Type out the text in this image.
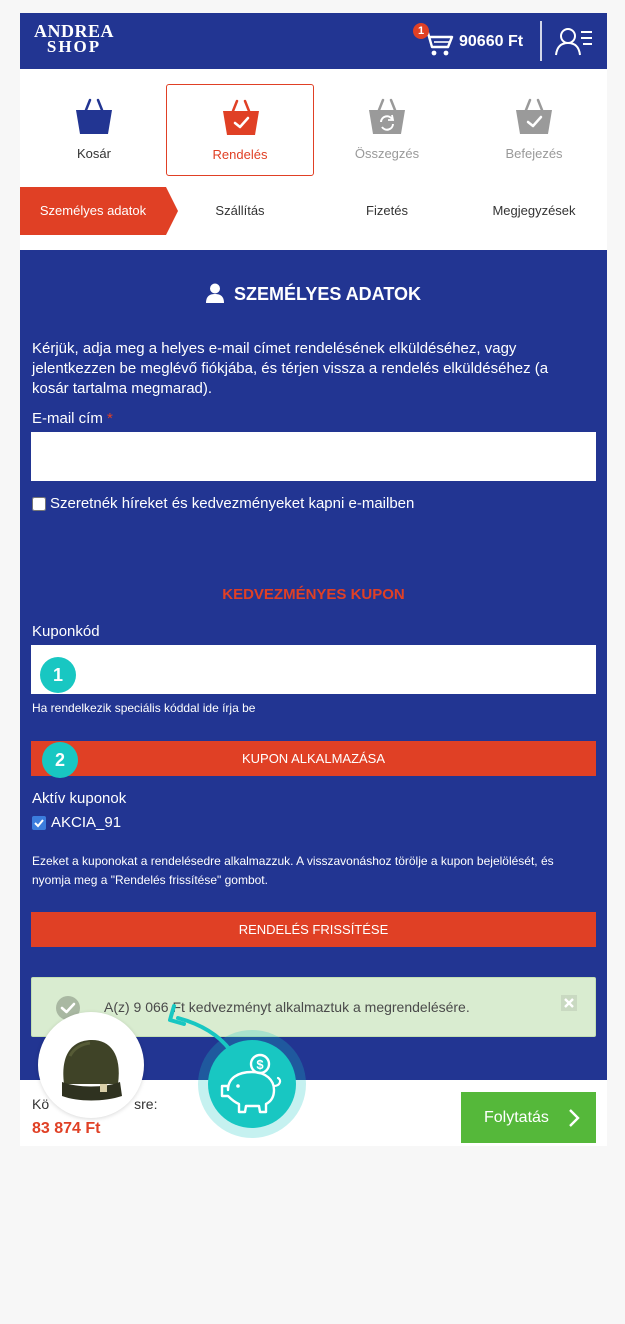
ANDREA
SHOP
1
90660 Ft
Kosár	Rendelés	Összegzés	Befejezés
Személyes adatok	Szállítás	Fizetés	Megjegyzések
SZEMÉLYES ADATOK
Kérjük, adja meg a helyes e-mail címet rendelésének elküldéséhez, vagy jelentkezzen be meglévő fiókjába, és térjen vissza a rendelés elküldéséhez (a kosár tartalma megmarad).
E-mail cím *
Szeretnék híreket és kedvezményeket kapni e-mailben
KEDVEZMÉNYES KUPON
Kuponkód
1
Ha rendelkezik speciális kóddal ide írja be
KUPON ALKALMAZÁSA
2
Aktív kuponok
AKCIA_91
Ezeket a kuponokat a rendelésedre alkalmazzuk. A visszavonáshoz törölje a kupon bejelölését, és nyomja meg a "Rendelés frissítése" gombot.
RENDELÉS FRISSÍTÉSE
A(z) 9 066 Ft kedvezményt alkalmaztuk a megrendelésére.
Kö	sre:
83 874 Ft
Folytatás
$
